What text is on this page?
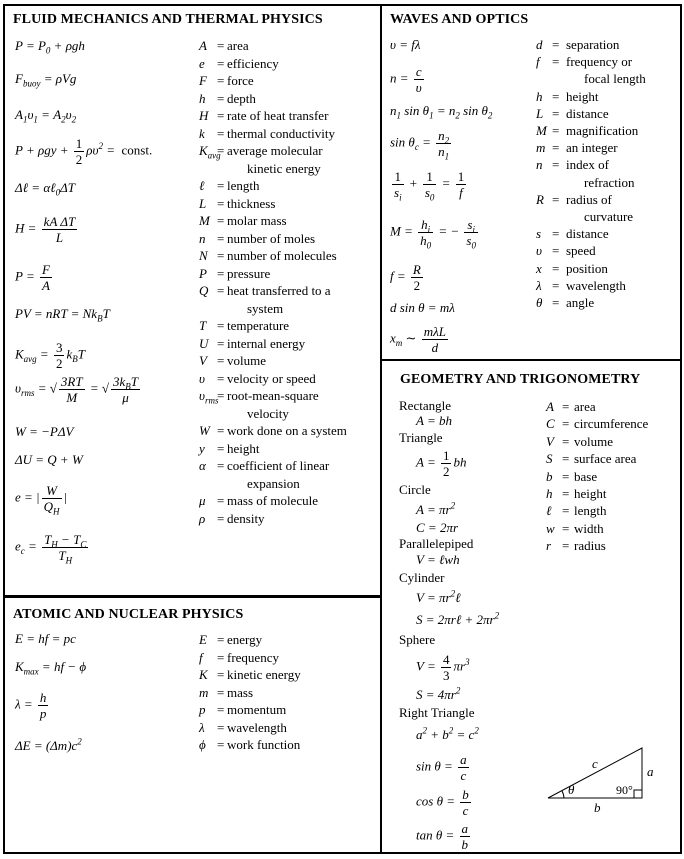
FLUID MECHANICS AND THERMAL PHYSICS
$P = P_0 + \rho gh$
$F_{buoy} = \rho Vg$
$A_1\upsilon_1 = A_2\upsilon_2$
$P + \rho gy + \frac{1}{2} \rho\upsilon^2$ =  const.
Δℓ = αℓ$_0$ΔT
$H = \frac{\text{kA ΔT}}{L}$
$P = \frac{F}{A}$
PV = nRT = $Nk_BT$
$K_{avg} = \frac{3}{2} k_BT$
$\upsilon_{rms}$ = √ $\frac{3RT}{M}$ = √ $\frac{3k_BT}{\mu}$
W = −PΔV
ΔU = Q + W
e = | $\frac{W}{Q_H}$ |
$e_c = \frac{T_H - T_C}{T_H}$
A = area
e = efficiency
F = force
h = depth
H = rate of heat transfer
k = thermal conductivity
$K_{avg}$
= average molecular
kinetic energy
ℓ = length
L = thickness
M = molar mass
n = number of moles
N = number of molecules
P = pressure
Q = heat transferred to a
system
T = temperature
U = internal energy
V = volume
υ = velocity or speed
$\upsilon_{rms}$
= root-mean-square
velocity
W = work done on a system
y = height
α = coefficient of linear
expansion
μ = mass of molecule
ρ = density
ATOMIC AND NUCLEAR PHYSICS
E = hf = pc
$K_{max}$ = hf − ϕ
$\lambda = \frac{h}{p}$
$\Delta E = (\Delta m)c^2$
E = energy
f = frequency
K = kinetic energy
m = mass
p = momentum
λ = wavelength
ϕ = work function
WAVES AND OPTICS
υ = fλ
$n = \frac{c}{\upsilon}$
$n_1$ $\sin \theta_1 = n_2$ $\sin \theta_2$
$\sin \theta_c = \frac{n_2}{n_1}$
$\frac{1}{s_i} + \frac{1}{s_0} = \frac{1}{f}$
$M = \frac{h_i}{h_0}$ = − $\frac{s_i}{s_0}$
$f = \frac{R}{2}$
d sin θ = mλ
$x_m$ ∼ $\frac{\text{mλL}}{d}$
d = separation
f = frequency or
focal length
h = height
L = distance
M = magnification
m = an integer
n = index of
refraction
R = radius of
curvature
s = distance
υ = speed
x = position
λ = wavelength
θ = angle
GEOMETRY AND TRIGONOMETRY
Rectangle
A = bh
Triangle
$A = \frac{1}{2}$ bh
Circle
$A = \pi r^2$
C = 2πr
Parallelepiped
V = ℓwh
Cylinder
$V = \pi r^2\ell$
S = 2πrℓ + $2\pi r^2$
Sphere
$V = \frac{4}{3} \pi r^3$
$S = 4\pi r^2$
Right Triangle
$a^2 + b^2 = c^2$
$\sin \theta = \frac{a}{c}$
$\cos \theta = \frac{b}{c}$
$\tan \theta = \frac{a}{b}$
A = area
C = circumference
V = volume
S = surface area
b = base
h = height
ℓ = length
w = width
r = radius
c
a
b
θ	90°
